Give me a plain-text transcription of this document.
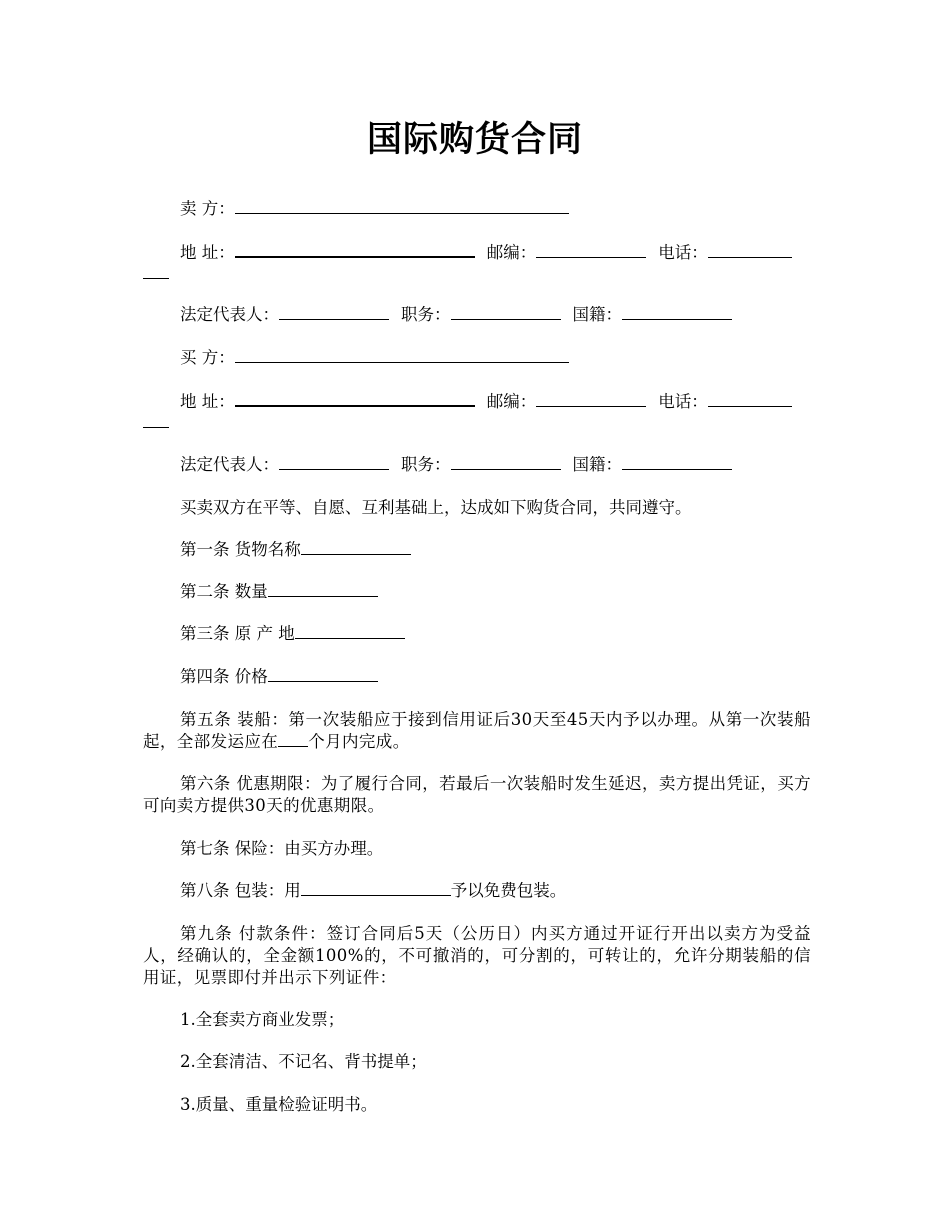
国际购货合同
卖 方：
地 址：	邮编：	电话：
法定代表人：	职务：	国籍：
买 方：
地 址：	邮编：	电话：
法定代表人：	职务：	国籍：
买卖双方在平等、自愿、互利基础上，达成如下购货合同，共同遵守。
第一条 货物名称
第二条 数量
第三条 原 产 地
第四条 价格
第五条 装船：第一次装船应于接到信用证后30天至45天内予以办理。从第一次装船起，全部发运应在 个月内完成。
第六条 优惠期限：为了履行合同，若最后一次装船时发生延迟，卖方提出凭证，买方可向卖方提供30天的优惠期限。
第七条 保险：由买方办理。
第八条 包装：用	予以免费包装。
第九条 付款条件：签订合同后5天（公历日）内买方通过开证行开出以卖方为受益人，经确认的，全金额100%的，不可撤消的，可分割的，可转让的，允许分期装船的信用证，见票即付并出示下列证件：
1.全套卖方商业发票；
2.全套清洁、不记名、背书提单；
3.质量、重量检验证明书。
